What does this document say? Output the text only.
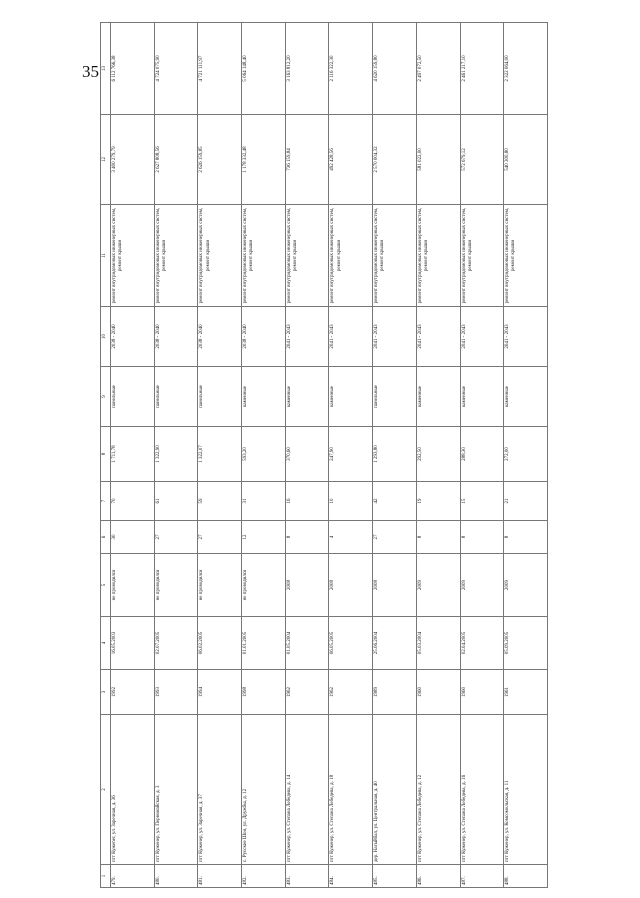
35
1	2	3	4	5	6	7	8	9	10	11	12	13
479.	пгт Кужener, ул. Заречная, д. 36	1992	16.05.2003	не проводился	30	70	1 711,78	панельные	2038 - 2040	ремонт внутридомовых инженерных систем, ремонт крыши	3 400 279,79	6 112 766,38
480.	пгт Куженер, ул. Первомайская, д. 3	1993	02.07.2005	не проводился	27	61	1 322,90	панельные	2038 - 2040	ремонт внутридомовых инженерных систем, ремонт крыши	2 627 808,56	4 724 075,90
481.	пгт Куженер, ул. Заречная, д. 37	1994	06.02.2005	не проводился	27	59	1 322,07	панельные	2038 - 2040	ремонт внутридомовых инженерных систем, ремонт крыши	2 626 159,85	4 721 111,97
482.	с. Русские Шои, ул. Дружбы, д. 12	1998	01.01.2005	не проводился	12	31	593,20	каменные	2038 - 2040	ремонт внутридомовых инженерных систем, ремонт крыши	1 178 332,48	5 064 148,40
483.	пгт Куженер, ул. Степана Лебедева, д. 14	1962	01.05.2004	2008	8	16	370,60	каменные	2041 - 2043	ремонт внутридомовых инженерных систем, ремонт крыши	736 159,84	3 163 812,20
484.	пгт Куженер, ул. Степана Лебедева, д. 18	1962	06.05.2005	2008	4	10	247,90	каменные	2041 - 2043	ремонт внутридомовых инженерных систем, ремонт крыши	492 428,56	2 116 322,30
485.	дер. Нагыйбал, ул. Центральная, д. 40	1989	25.06.2004	2008	27	42	1 293,80	панельные	2041 - 2043	ремонт внутридомовых инженерных систем, ремонт крыши	2 570 004,32	4 620 159,80
486.	пгт Куженер, ул. Степана Лебедева, д. 12	1960	05.03.2004	2009	8	19	292,50	каменные	2041 - 2043	ремонт внутридомовых инженерных систем, ремонт крыши	581 022,00	2 497 072,50
487.	пгт Куженер, ул. Степана Лебедева, д. 16	1960	02.04.2005	2009	8	15	288,30	каменные	2041 - 2043	ремонт внутридомовых инженерных систем, ремонт крыши	572 679,12	2 461 217,10
488.	пгт Куженер, ул. Комсомольская, д. 11	1961	05.09.2005	2009	8	21	272,00	каменные	2041 - 2043	ремонт внутридомовых инженерных систем, ремонт крыши	540 300,80	2 322 064,00
